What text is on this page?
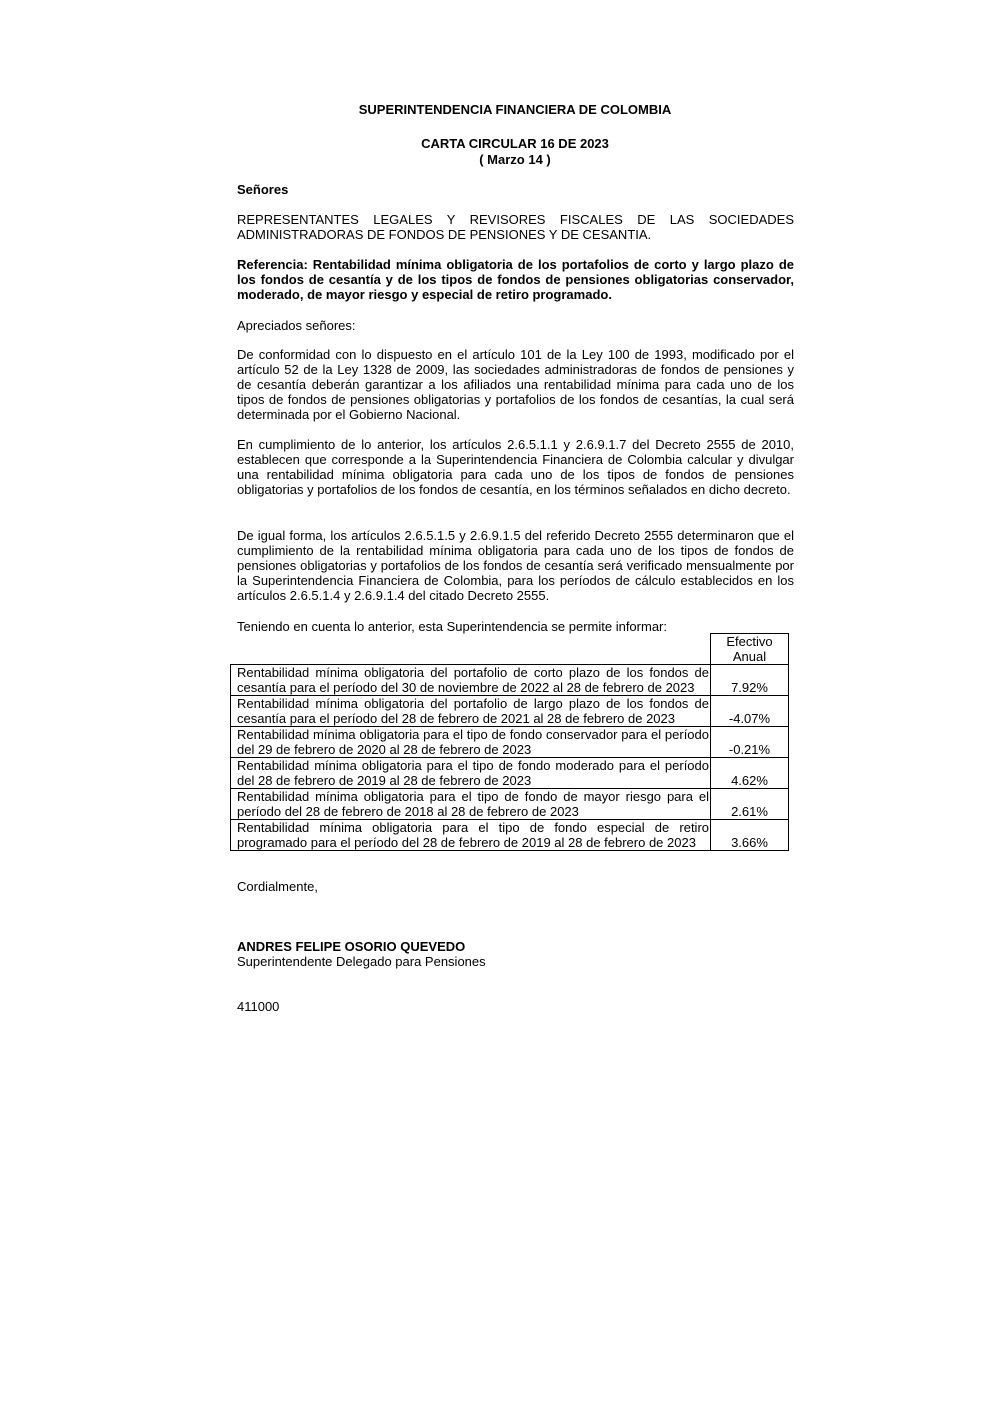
SUPERINTENDENCIA FINANCIERA DE COLOMBIA
CARTA CIRCULAR 16 DE 2023
( Marzo 14 )
Señores
REPRESENTANTES LEGALES Y REVISORES FISCALES DE LAS SOCIEDADES ADMINISTRADORAS DE FONDOS DE PENSIONES Y DE CESANTIA.
Referencia: Rentabilidad mínima obligatoria de los portafolios de corto y largo plazo de los fondos de cesantía y de los tipos de fondos de pensiones obligatorias conservador, moderado, de mayor riesgo y especial de retiro programado.
Apreciados señores:
De conformidad con lo dispuesto en el artículo 101 de la Ley 100 de 1993, modificado por el artículo 52 de la Ley 1328 de 2009, las sociedades administradoras de fondos de pensiones y de cesantía deberán garantizar a los afiliados una rentabilidad mínima para cada uno de los tipos de fondos de pensiones obligatorias y portafolios de los fondos de cesantías, la cual será determinada por el Gobierno Nacional.
En cumplimiento de lo anterior, los artículos 2.6.5.1.1 y 2.6.9.1.7 del Decreto 2555 de 2010, establecen que corresponde a la Superintendencia Financiera de Colombia calcular y divulgar una rentabilidad mínima obligatoria para cada uno de los tipos de fondos de pensiones obligatorias y portafolios de los fondos de cesantía, en los términos señalados en dicho decreto.
De igual forma, los artículos 2.6.5.1.5 y 2.6.9.1.5 del referido Decreto 2555 determinaron que el cumplimiento de la rentabilidad mínima obligatoria para cada uno de los tipos de fondos de pensiones obligatorias y portafolios de los fondos de cesantía será verificado mensualmente por la Superintendencia Financiera de Colombia, para los períodos de cálculo establecidos en los artículos 2.6.5.1.4 y 2.6.9.1.4 del citado Decreto 2555.
Teniendo en cuenta lo anterior, esta Superintendencia se permite informar:

	Efectivo
Anual

Rentabilidad mínima obligatoria del portafolio de corto plazo de los fondos de cesantía para el período del 30 de noviembre de 2022 al 28 de febrero de 2023	7.92%
Rentabilidad mínima obligatoria del portafolio de largo plazo de los fondos de cesantía para el período del 28 de febrero de 2021 al 28 de febrero de 2023	-4.07%
Rentabilidad mínima obligatoria para el tipo de fondo conservador para el período del 29 de febrero de 2020 al 28 de febrero de 2023	-0.21%
Rentabilidad mínima obligatoria para el tipo de fondo moderado para el período del 28 de febrero de 2019 al 28 de febrero de 2023	4.62%
Rentabilidad mínima obligatoria para el tipo de fondo de mayor riesgo para el período del 28 de febrero de 2018 al 28 de febrero de 2023	2.61%
Rentabilidad mínima obligatoria para el tipo de fondo especial de retiro programado para el período del 28 de febrero de 2019 al 28 de febrero de 2023	3.66%
Cordialmente,
ANDRES FELIPE OSORIO QUEVEDO
Superintendente Delegado para Pensiones
411000
